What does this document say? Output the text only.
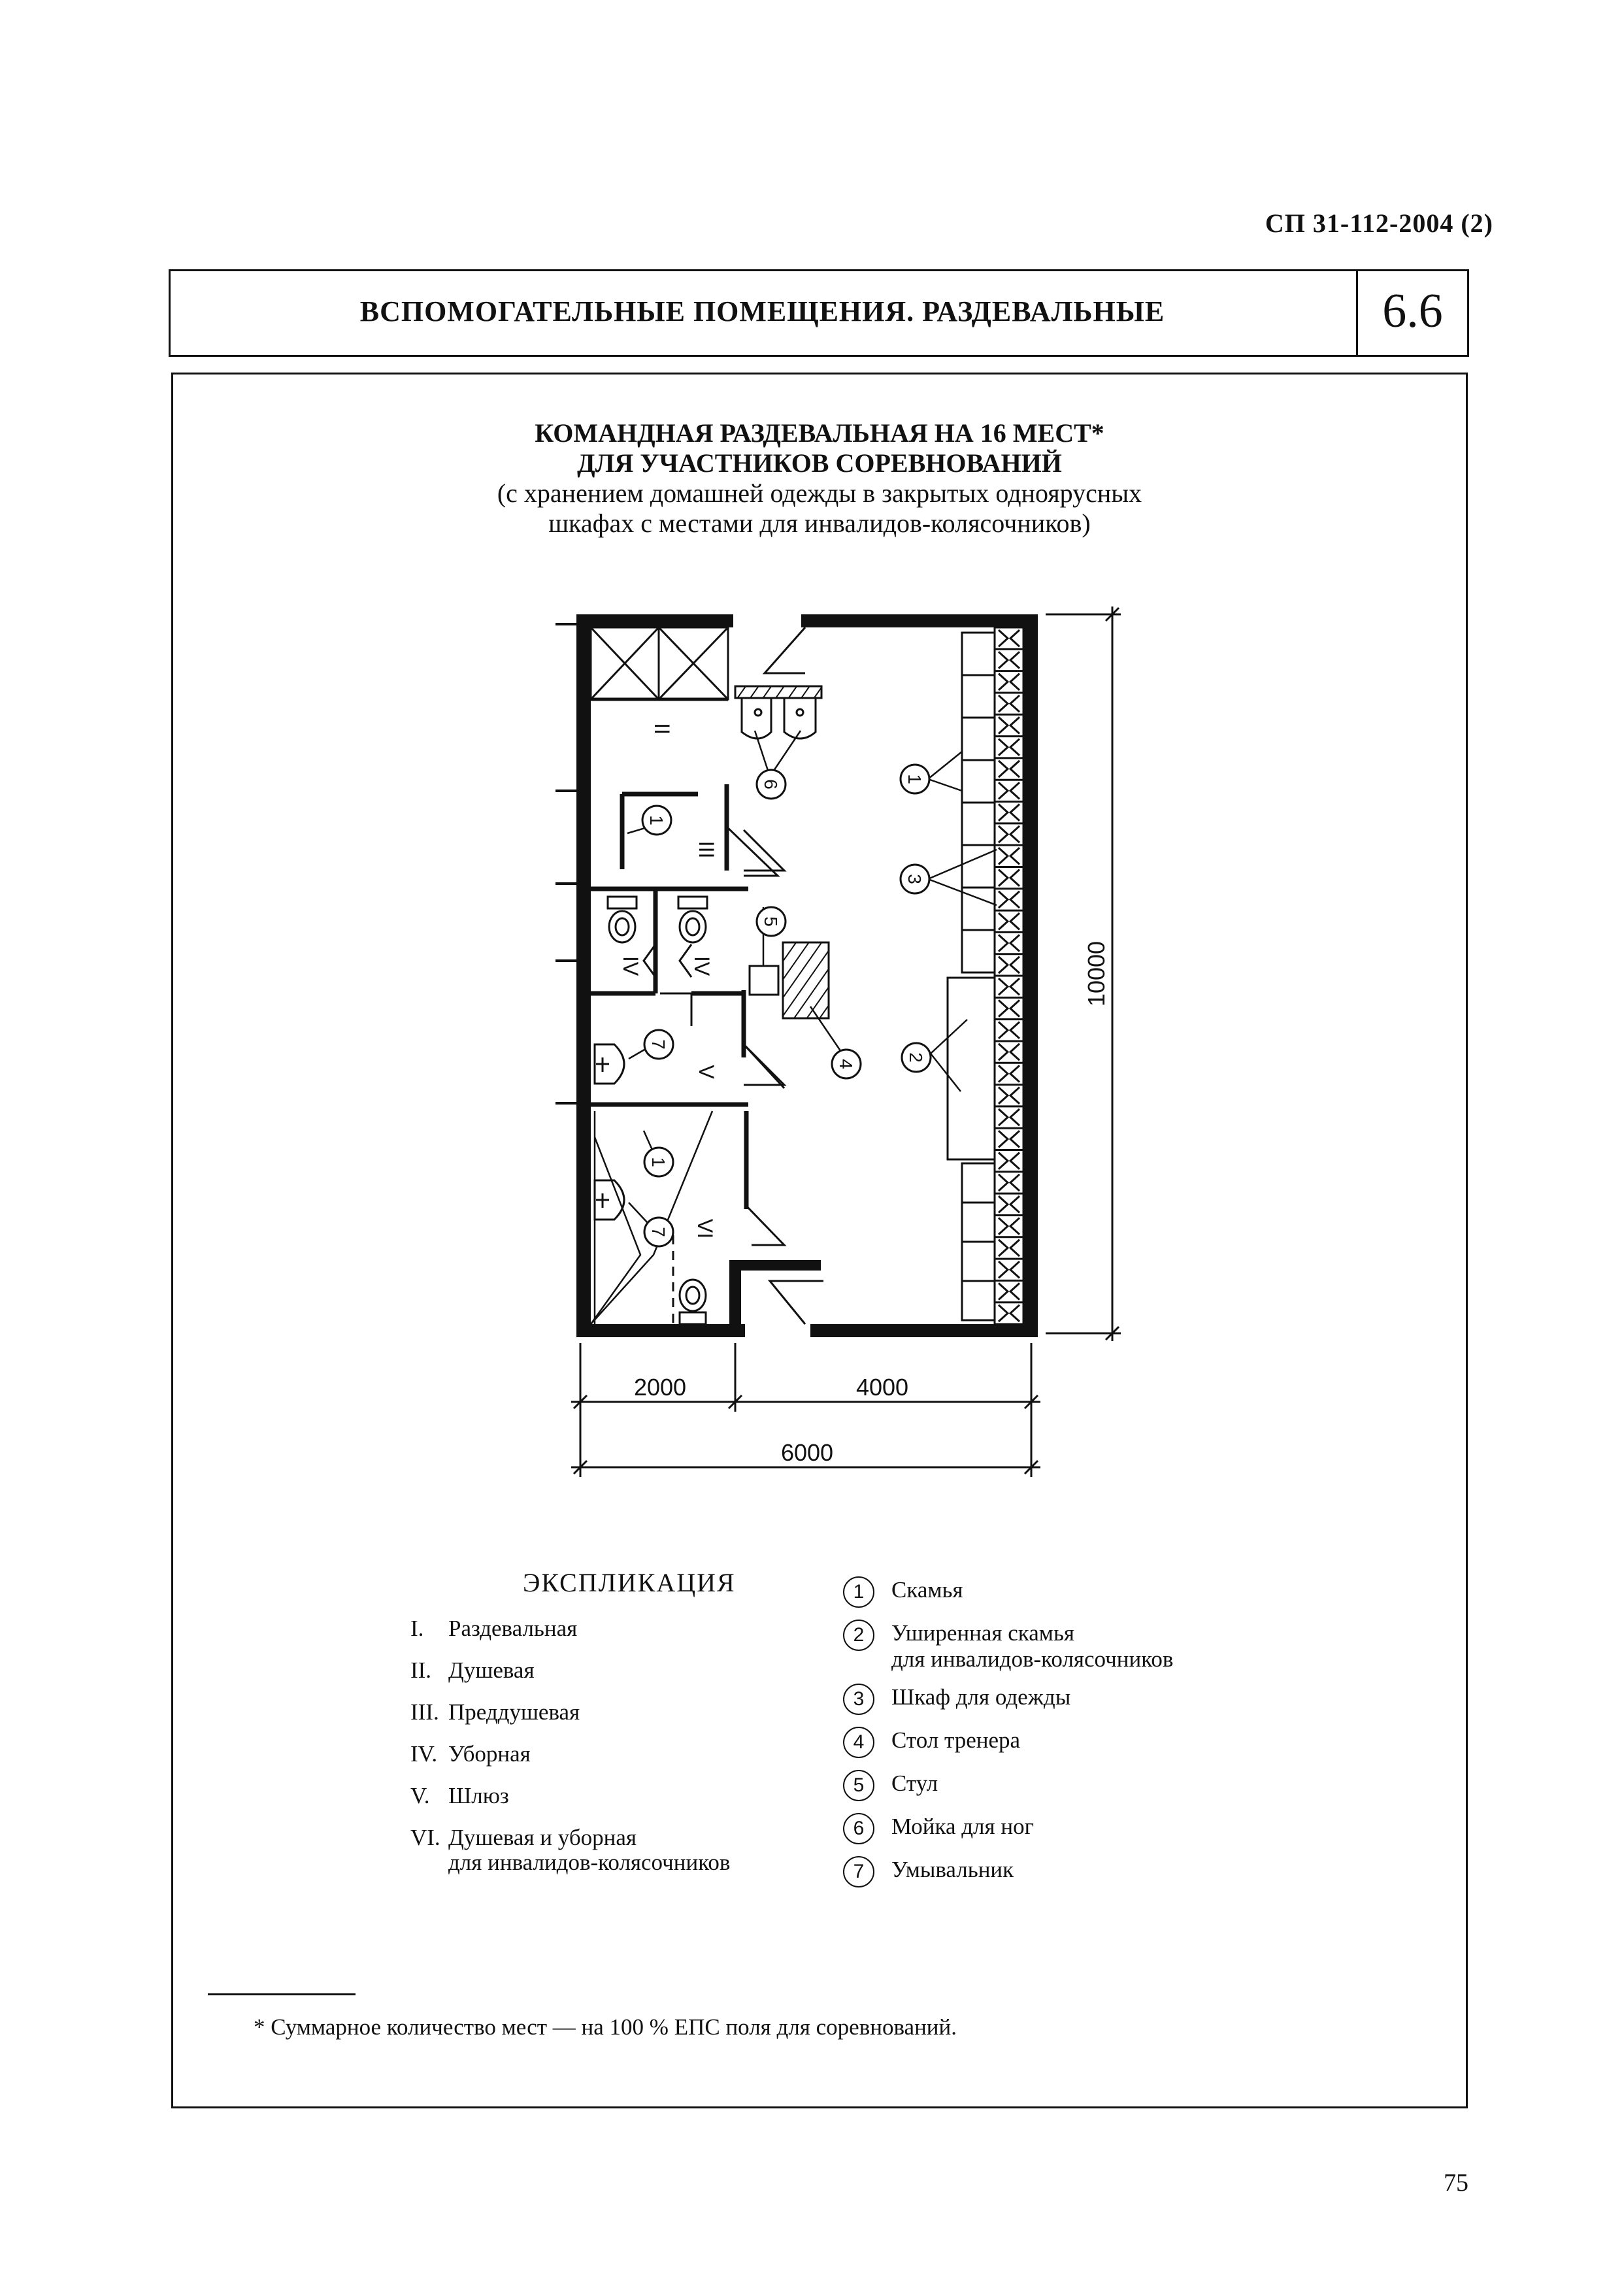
СП 31-112-2004 (2)
ВСПОМОГАТЕЛЬНЫЕ ПОМЕЩЕНИЯ. РАЗДЕВАЛЬНЫЕ	6.6
КОМАНДНАЯ РАЗДЕВАЛЬНАЯ НА 16 МЕСТ*
ДЛЯ УЧАСТНИКОВ СОРЕВНОВАНИЙ
(с хранением домашней одежды в закрытых одноярусных
шкафах с местами для инвалидов-колясочников)
2000	4000
6000
10000
II
III
IV IV
V
VI
1
3
2
4
5
6
1
7
1
7
ЭКСПЛИКАЦИЯ
I.	Раздевальная
II. Душевая
III. Преддушевая
IV. Уборная
V. Шлюз
VI. Душевая и уборная
для инвалидов-колясочников
1	Скамья
2	Уширенная скамья
для инвалидов-колясочников
3	Шкаф для одежды
4	Стол тренера
5	Стул
6	Мойка для ног
7	Умывальник
* Суммарное количество мест — на 100 % ЕПС поля для соревнований.
75
